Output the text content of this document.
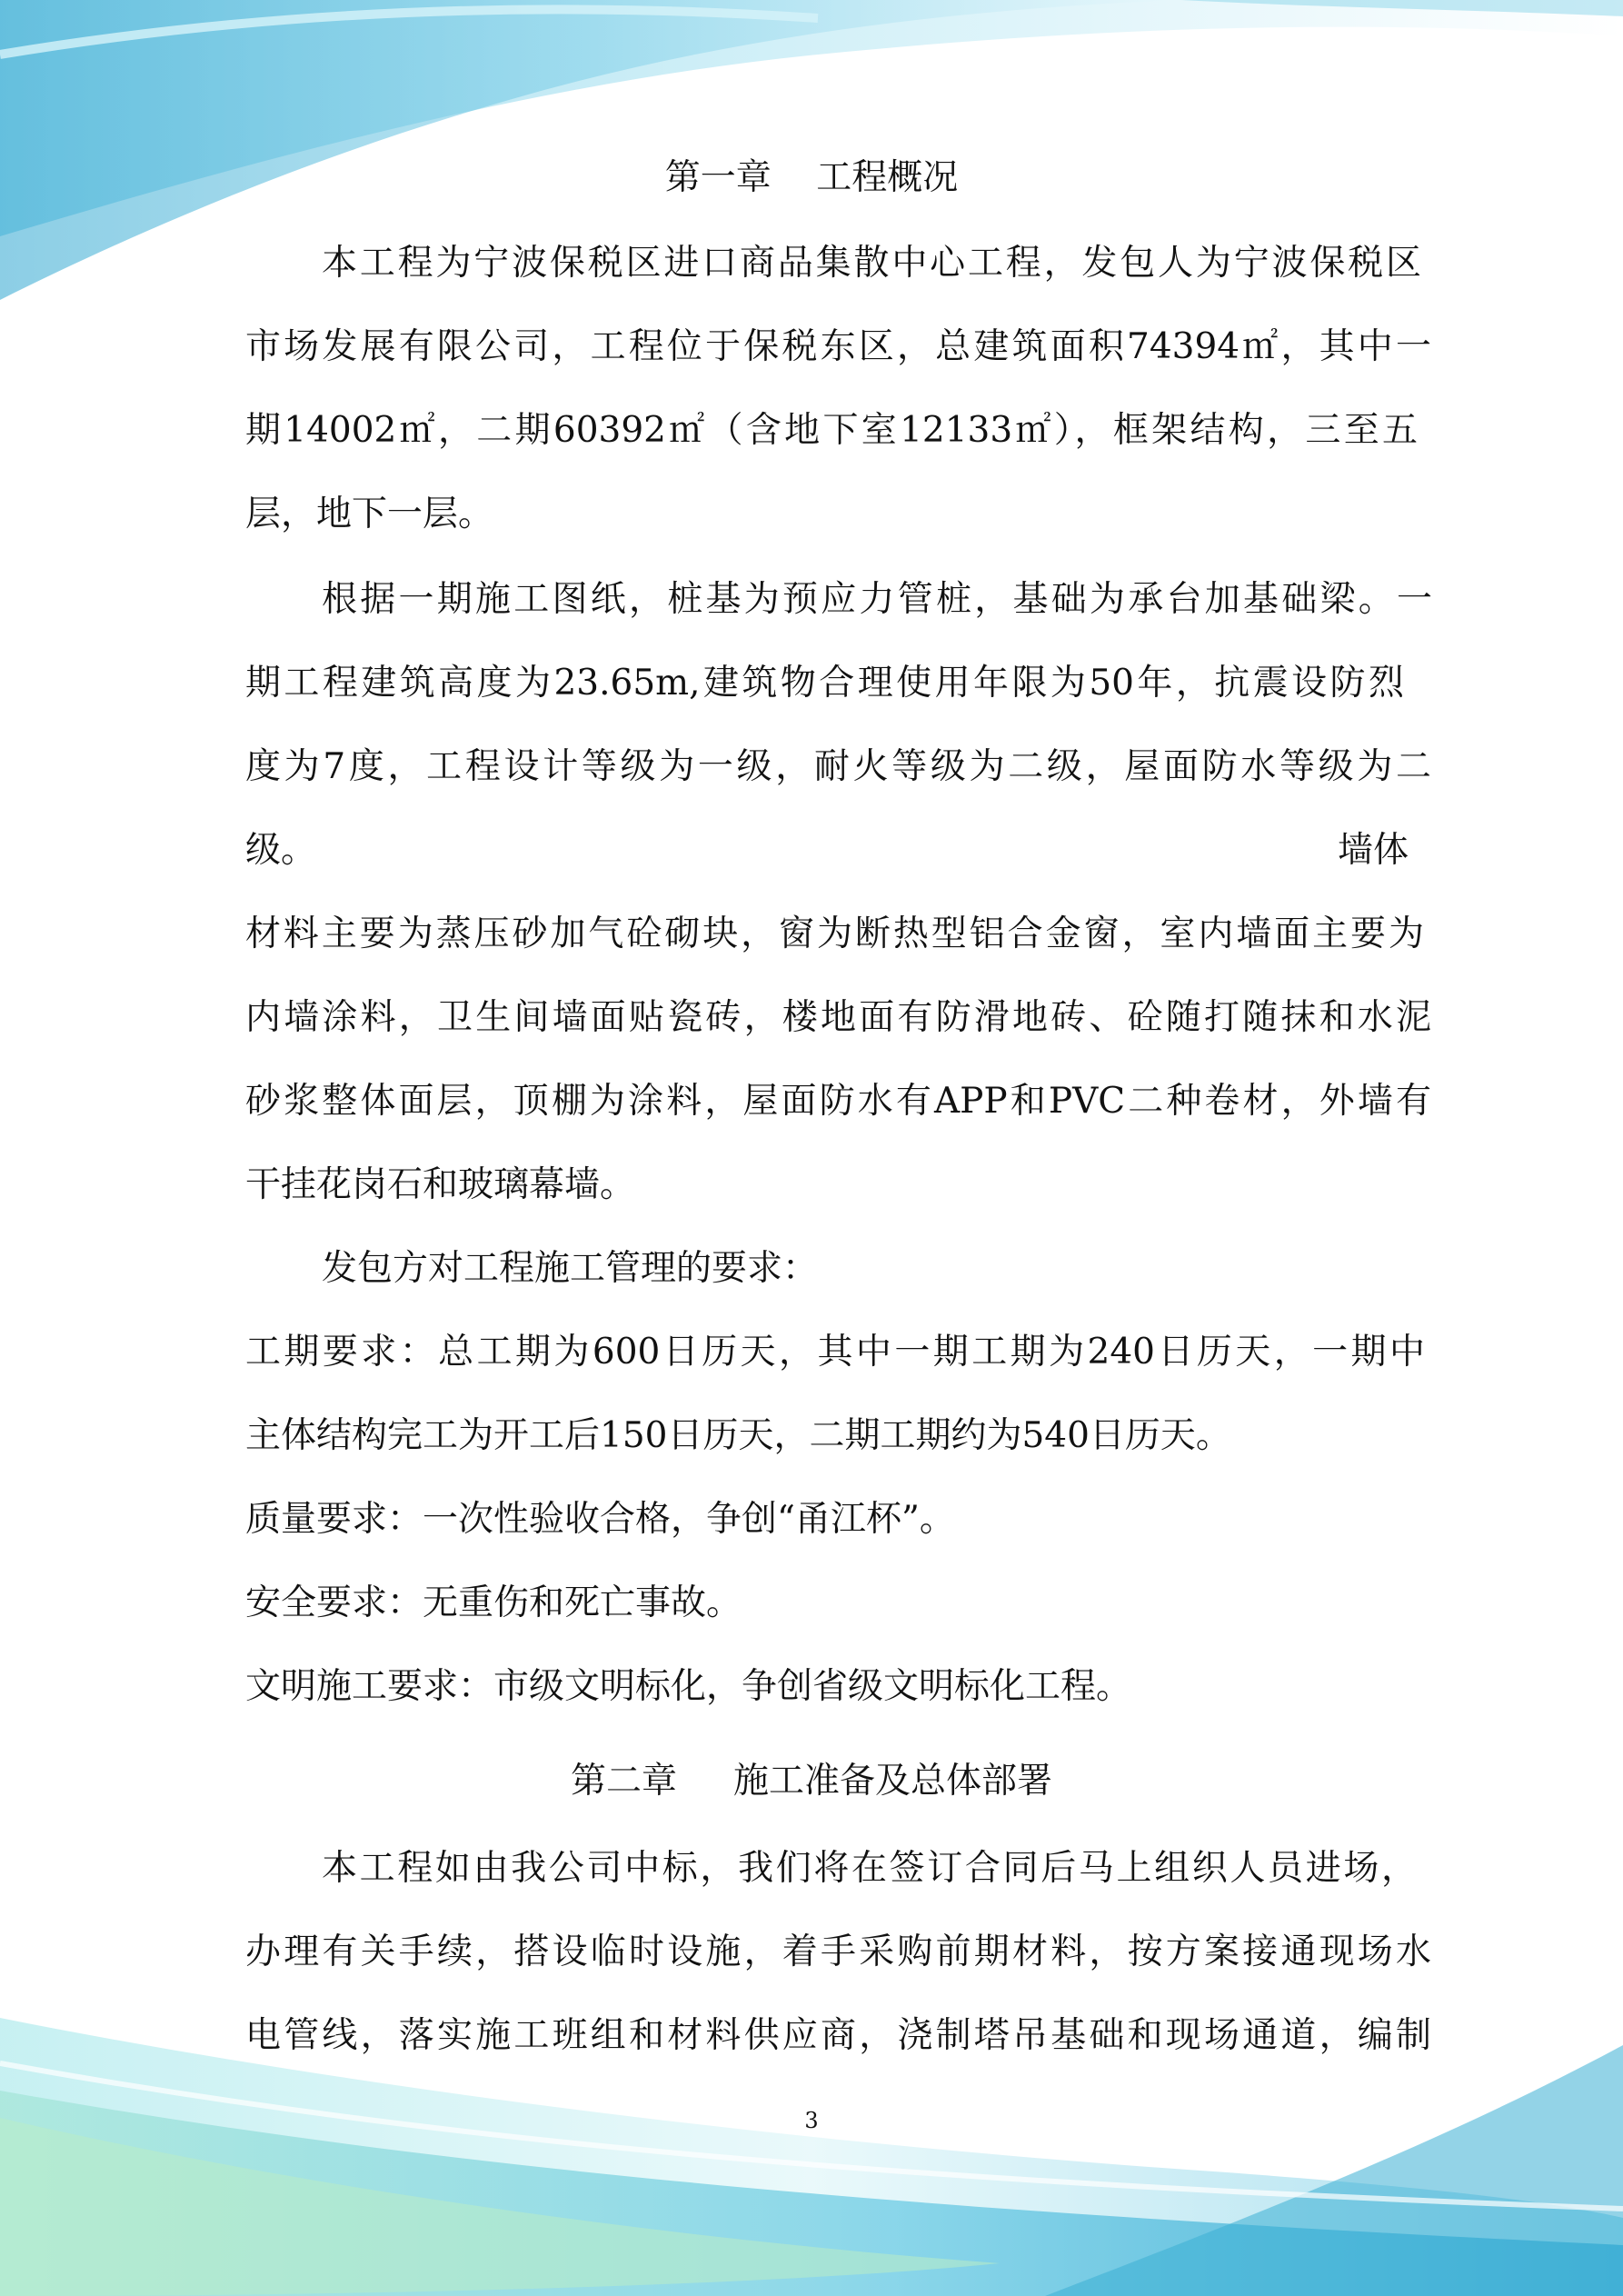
第一章    工程概况
本工程为宁波保税区进口商品集散中心工程，发包人为宁波保税区
市场发展有限公司，工程位于保税东区，总建筑面积74394㎡，其中一
期14002㎡，二期60392㎡（含地下室12133㎡），框架结构，三至五
层，地下一层。
根据一期施工图纸，桩基为预应力管桩，基础为承台加基础梁。一
期工程建筑高度为23.65m,建筑物合理使用年限为50年，抗震设防烈
度为7度，工程设计等级为一级，耐火等级为二级，屋面防水等级为二
级。	墙体
材料主要为蒸压砂加气砼砌块，窗为断热型铝合金窗，室内墙面主要为
内墙涂料，卫生间墙面贴瓷砖，楼地面有防滑地砖、砼随打随抹和水泥
砂浆整体面层，顶棚为涂料，屋面防水有APP和PVC二种卷材，外墙有
干挂花岗石和玻璃幕墙。
发包方对工程施工管理的要求：
工期要求：总工期为600日历天，其中一期工期为240日历天，一期中
主体结构完工为开工后150日历天，二期工期约为540日历天。
质量要求：一次性验收合格，争创“甬江杯”。
安全要求：无重伤和死亡事故。
文明施工要求：市级文明标化，争创省级文明标化工程。
第二章     施工准备及总体部署
本工程如由我公司中标，我们将在签订合同后马上组织人员进场，
办理有关手续，搭设临时设施，着手采购前期材料，按方案接通现场水
电管线，落实施工班组和材料供应商，浇制塔吊基础和现场通道，编制
3
